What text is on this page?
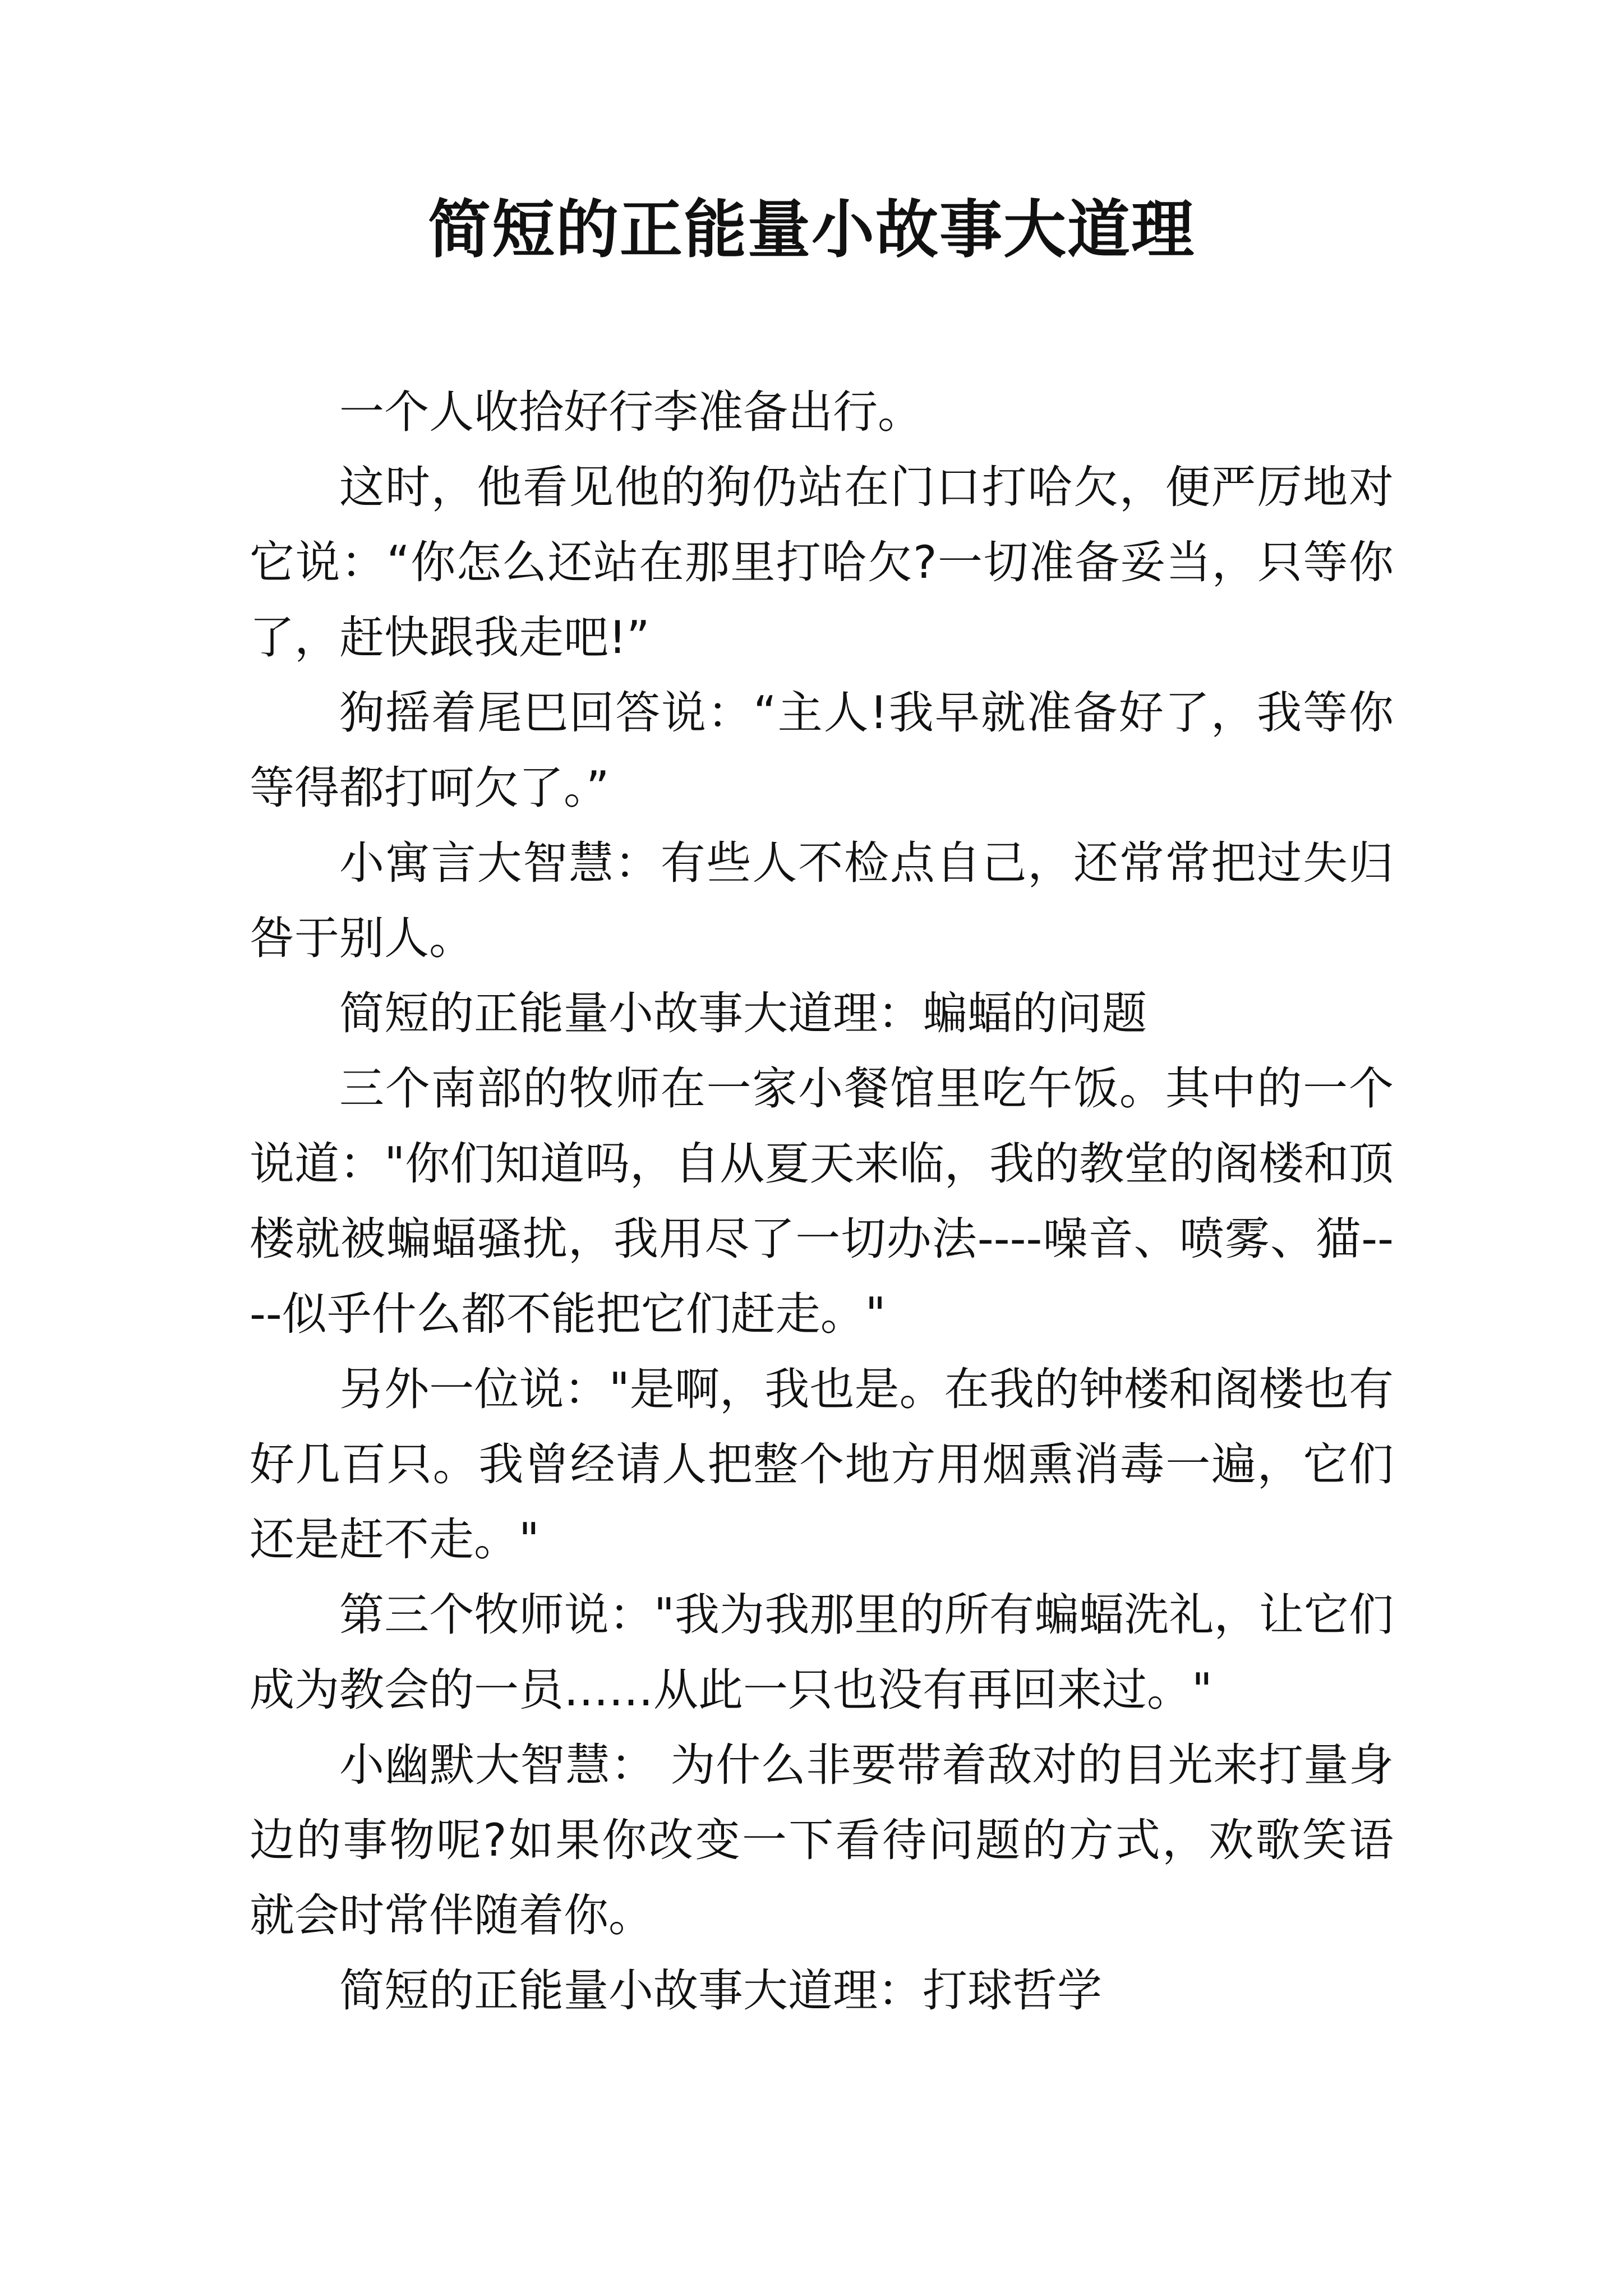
简短的正能量小故事大道理

一个人收拾好行李准备出行。

这时，他看见他的狗仍站在门口打哈欠，便严厉地对它说：“你怎么还站在那里打哈欠?一切准备妥当，只等你了，赶快跟我走吧!”

狗摇着尾巴回答说：“主人!我早就准备好了，我等你等得都打呵欠了。”

小寓言大智慧：有些人不检点自己，还常常把过失归咎于别人。

简短的正能量小故事大道理：蝙蝠的问题

三个南部的牧师在一家小餐馆里吃午饭。其中的一个说道："你们知道吗，自从夏天来临，我的教堂的阁楼和顶楼就被蝙蝠骚扰，我用尽了一切办法----噪音、喷雾、猫----似乎什么都不能把它们赶走。"

另外一位说："是啊，我也是。在我的钟楼和阁楼也有好几百只。我曾经请人把整个地方用烟熏消毒一遍，它们还是赶不走。"

第三个牧师说："我为我那里的所有蝙蝠洗礼，让它们成为教会的一员……从此一只也没有再回来过。"

小幽默大智慧： 为什么非要带着敌对的目光来打量身边的事物呢?如果你改变一下看待问题的方式，欢歌笑语就会时常伴随着你。

简短的正能量小故事大道理：打球哲学
